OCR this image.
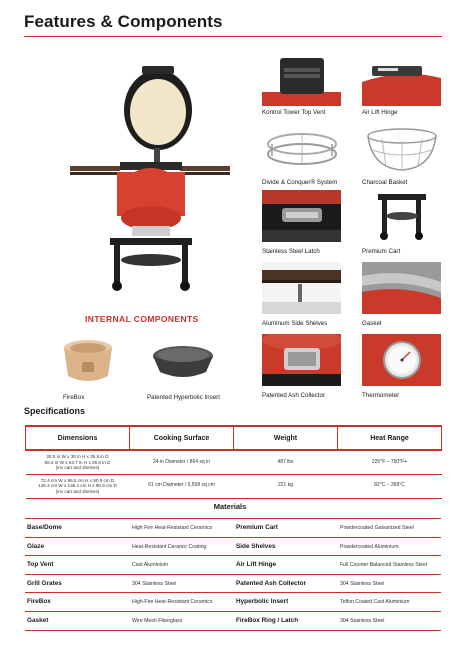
Features & Components
INTERNAL COMPONENTS
FireBox	Patented Hyperbolic Insert
Kontrol Tower Top Vent	Air Lift Hinge
Divide & Conquer® System	Charcoal Basket
Stainless Steel Latch	Premium Cart
Aluminum Side Shelves	Gasket
Patented Ash Collector	Thermometer
Specifications
Dimensions	Cooking Surface	Weight	Heat Range

28.5 in W x 38 in H x 35.8 in D
58.4 in W x 53.7 in H x 35.8 in D
(inc cart and shelves)	24 in Diameter / 864 sq in	487 lbs	225°F – 750°F+

72.4 cm W x 96.5 cm H x 90.9 cm D
148.3 cm W x 136.4 cm H x 90.9 cm D
(inc cart and shelves)	61 cm Diameter / 5,558 sq cm	221 kg	82°C – 399°C
Materials
Base/Dome	High Fire Heat-Resistant Ceramics	Premium Cart	Powdercoated Galvanized Steel
Glaze	Heat-Resistant Ceramic Coating	Side Shelves	Powdercoated Aluminium
Top Vent	Cast Aluminium	Air Lift Hinge	Full Counter Balanced Stainless Steel
Grill Grates	304 Stainless Steel	Patented Ash Collector	304 Stainless Steel
FireBox	High-Fire Heat-Resistant Ceramics	Hyperbolic Insert	Teflon Coated Cast Aluminium
Gasket	Wire Mesh Fiberglass	FireBox Ring / Latch	304 Stainless Steel
